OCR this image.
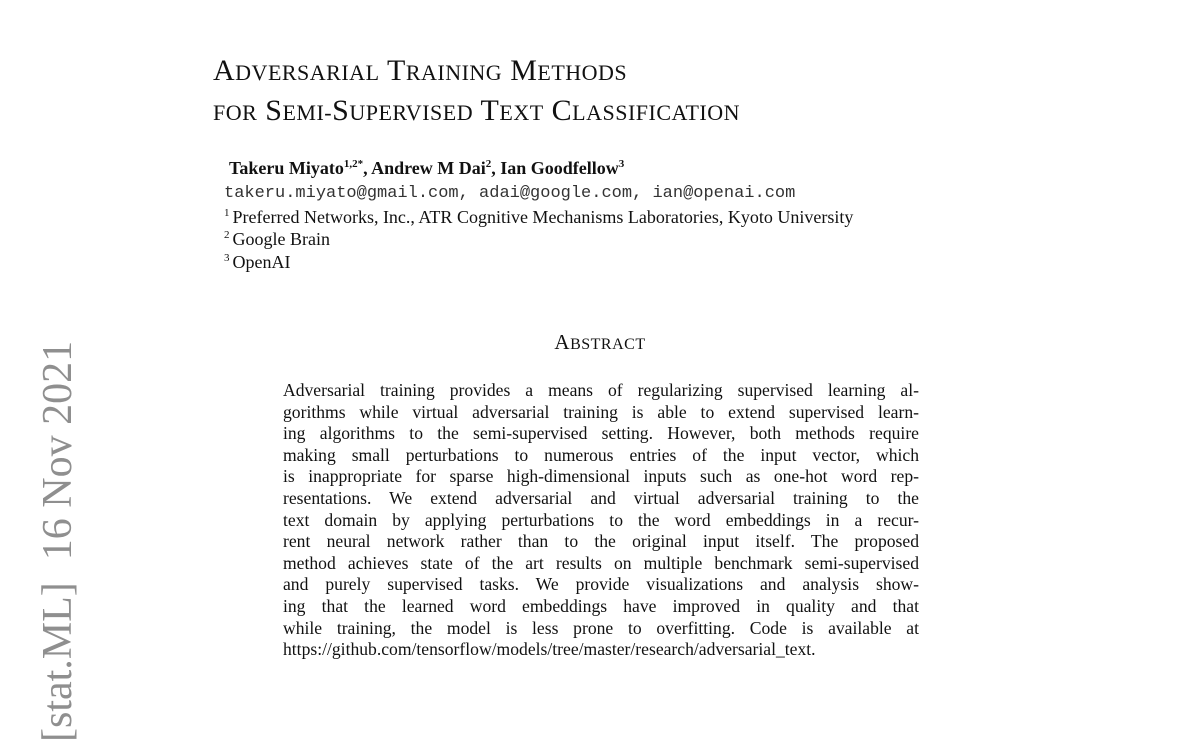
[stat.ML]16 Nov 2021
ADVERSARIAL TRAINING METHODS
FOR SEMI-SUPERVISED TEXT CLASSIFICATION
Takeru Miyato$^{1,2*}$, Andrew M Dai$^2$, Ian Goodfellow$^3$
takeru.miyato@gmail.com, adai@google.com, ian@openai.com
$^1$ Preferred Networks, Inc., ATR Cognitive Mechanisms Laboratories, Kyoto University
$^2$ Google Brain
$^3$ OpenAI
ABSTRACT
Adversarial training provides a means of regularizing supervised learning al-
gorithms while virtual adversarial training is able to extend supervised learn-
ing algorithms to the semi-supervised setting. However, both methods require
making small perturbations to numerous entries of the input vector, which
is inappropriate for sparse high-dimensional inputs such as one-hot word rep-
resentations. We extend adversarial and virtual adversarial training to the
text domain by applying perturbations to the word embeddings in a recur-
rent neural network rather than to the original input itself. The proposed
method achieves state of the art results on multiple benchmark semi-supervised
and purely supervised tasks. We provide visualizations and analysis show-
ing that the learned word embeddings have improved in quality and that
while training, the model is less prone to overfitting. Code is available at
https://github.com/tensorflow/models/tree/master/research/adversarial_text.
